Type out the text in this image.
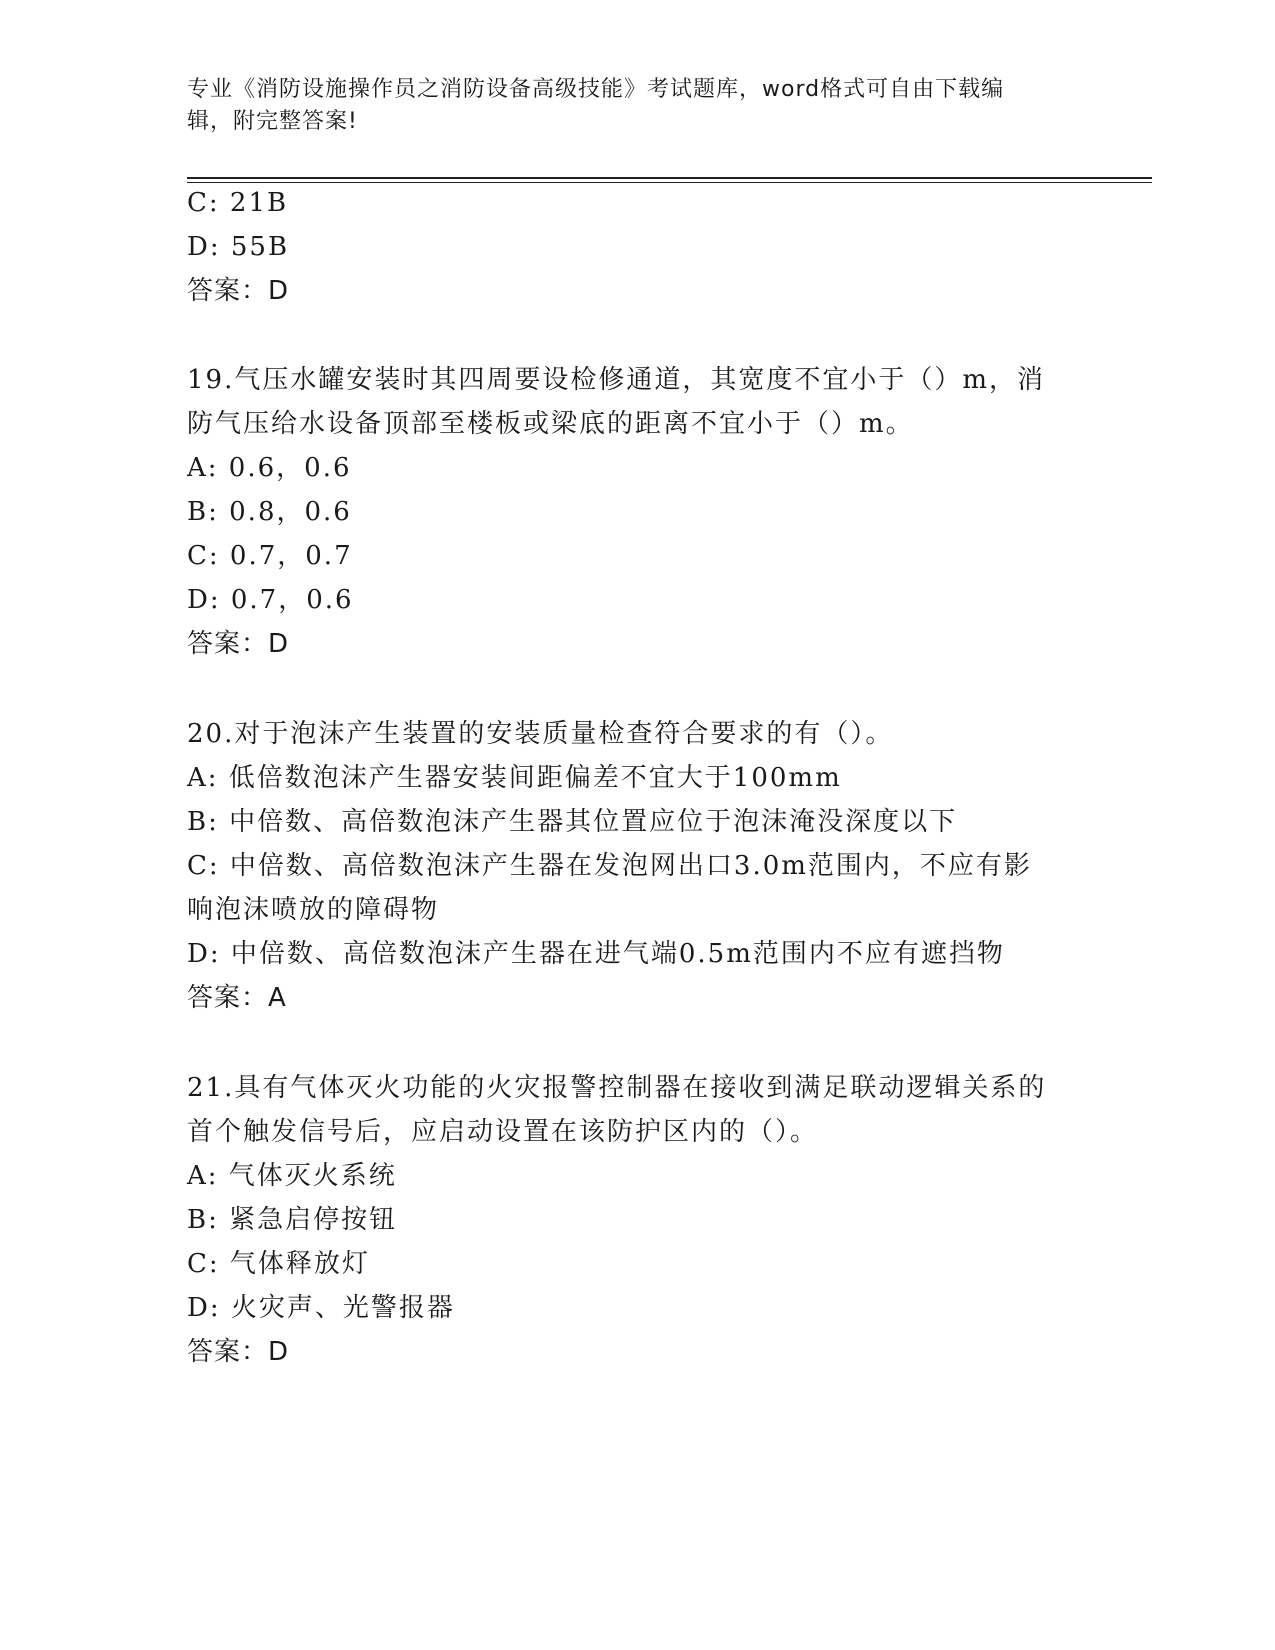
专业《消防设施操作员之消防设备高级技能》考试题库，word格式可自由下载编
辑，附完整答案!
C: 21B
D: 55B
答案：D
19.气压水罐安装时其四周要设检修通道，其宽度不宜小于（）m，消
防气压给水设备顶部至楼板或梁底的距离不宜小于（）m。
A: 0.6，0.6
B: 0.8，0.6
C: 0.7，0.7
D: 0.7，0.6
答案：D
20.对于泡沫产生装置的安装质量检查符合要求的有（）。
A: 低倍数泡沫产生器安装间距偏差不宜大于100mm
B: 中倍数、高倍数泡沫产生器其位置应位于泡沫淹没深度以下
C: 中倍数、高倍数泡沫产生器在发泡网出口3.0m范围内，不应有影
响泡沫喷放的障碍物
D: 中倍数、高倍数泡沫产生器在进气端0.5m范围内不应有遮挡物
答案：A
21.具有气体灭火功能的火灾报警控制器在接收到满足联动逻辑关系的
首个触发信号后，应启动设置在该防护区内的（）。
A: 气体灭火系统
B: 紧急启停按钮
C: 气体释放灯
D: 火灾声、光警报器
答案：D
